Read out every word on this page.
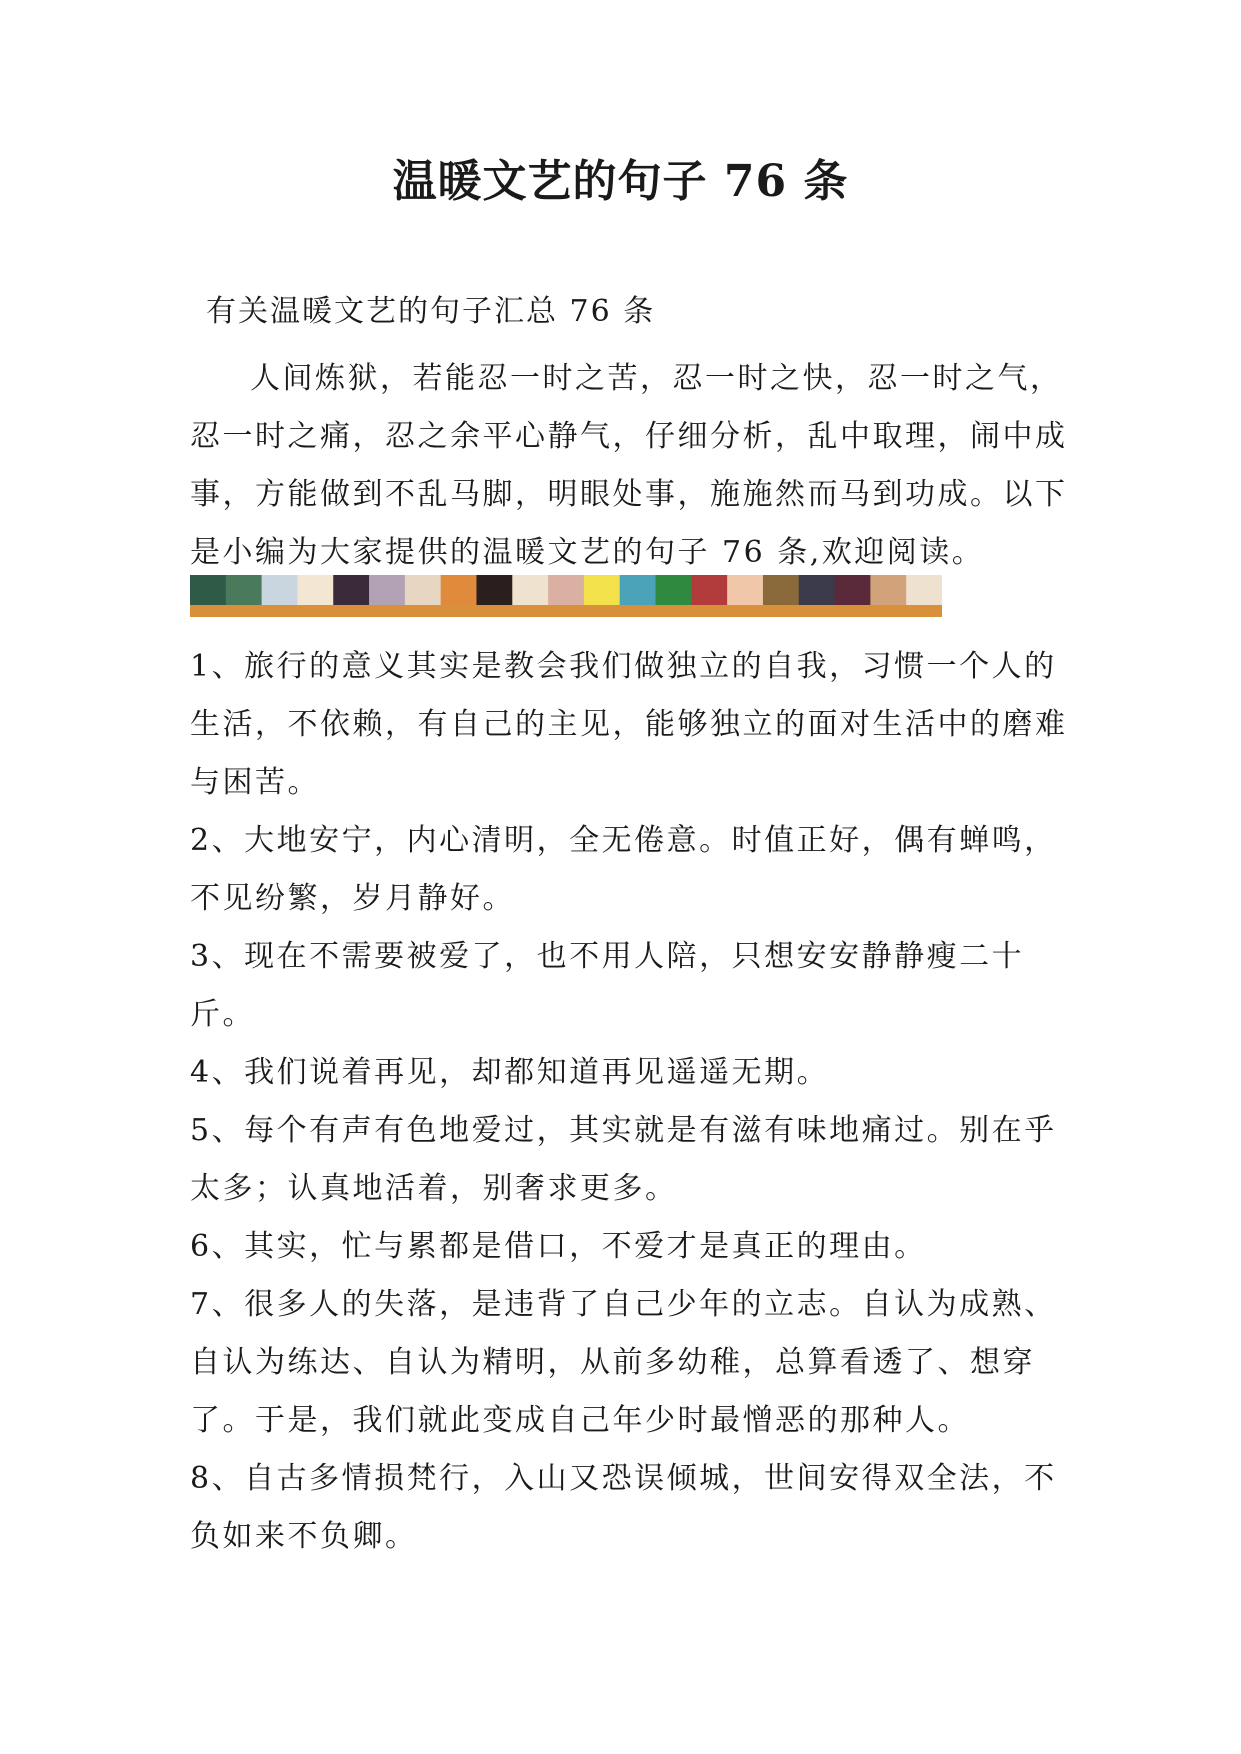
温暖文艺的句子 76 条
有关温暖文艺的句子汇总 76 条

人间炼狱，若能忍一时之苦，忍一时之快，忍一时之气，忍一时之痛，忍之余平心静气，仔细分析，乱中取理，闹中成事，方能做到不乱马脚，明眼处事，施施然而马到功成。以下是小编为大家提供的温暖文艺的句子 76 条,欢迎阅读。

1、旅行的意义其实是教会我们做独立的自我，习惯一个人的生活，不依赖，有自己的主见，能够独立的面对生活中的磨难与困苦。
2、大地安宁，内心清明，全无倦意。时值正好，偶有蝉鸣，不见纷繁，岁月静好。
3、现在不需要被爱了，也不用人陪，只想安安静静瘦二十斤。
4、我们说着再见，却都知道再见遥遥无期。
5、每个有声有色地爱过，其实就是有滋有味地痛过。别在乎太多；认真地活着，别奢求更多。
6、其实，忙与累都是借口，不爱才是真正的理由。
7、很多人的失落，是违背了自己少年的立志。自认为成熟、自认为练达、自认为精明，从前多幼稚，总算看透了、想穿了。于是，我们就此变成自己年少时最憎恶的那种人。
8、自古多情损梵行，入山又恐误倾城，世间安得双全法，不负如来不负卿。
